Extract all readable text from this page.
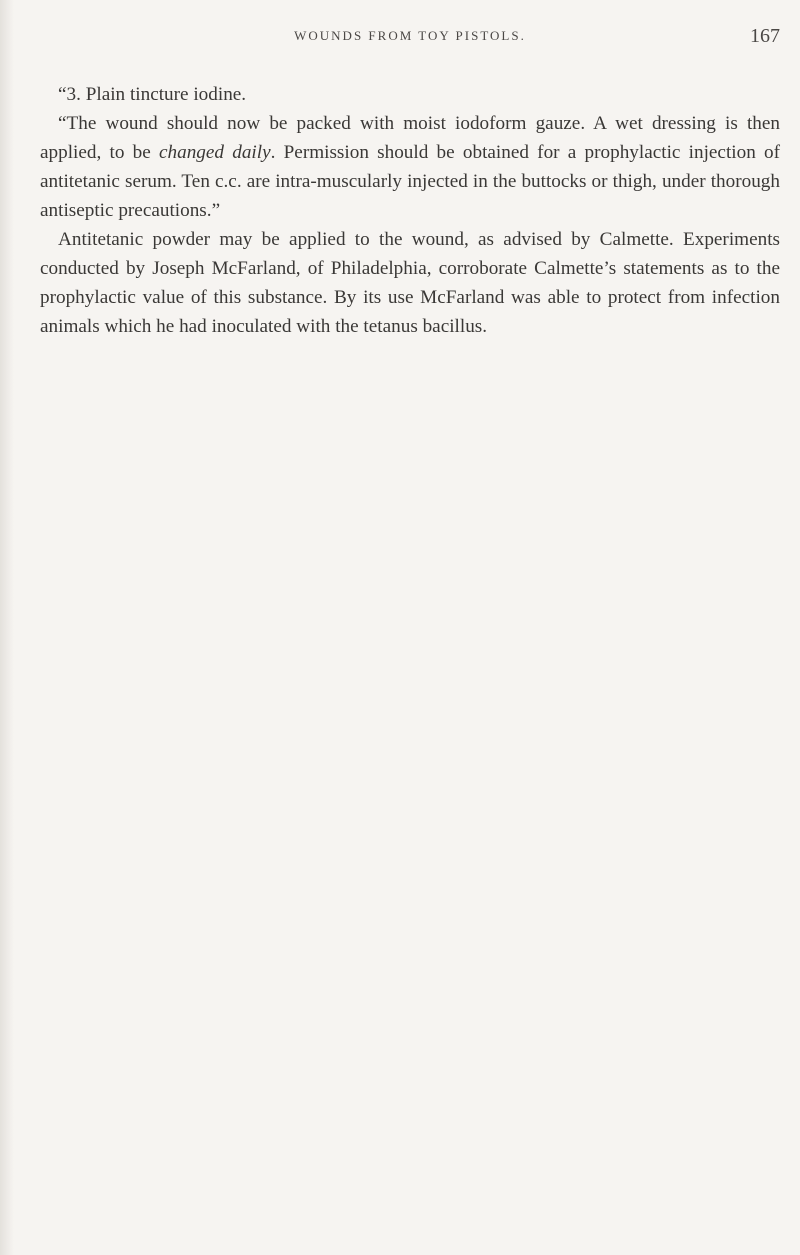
WOUNDS FROM TOY PISTOLS.	167

“3. Plain tincture iodine.

“The wound should now be packed with moist iodoform gauze. A wet dressing is then applied, to be changed daily. Permission should be obtained for a prophylactic injection of antitetanic serum. Ten c.c. are intra-muscularly injected in the buttocks or thigh, under thorough antiseptic precautions.”

Antitetanic powder may be applied to the wound, as advised by Calmette. Experiments conducted by Joseph McFarland, of Philadelphia, corroborate Calmette’s statements as to the prophylactic value of this substance. By its use McFarland was able to protect from infection animals which he had inoculated with the tetanus bacillus.
